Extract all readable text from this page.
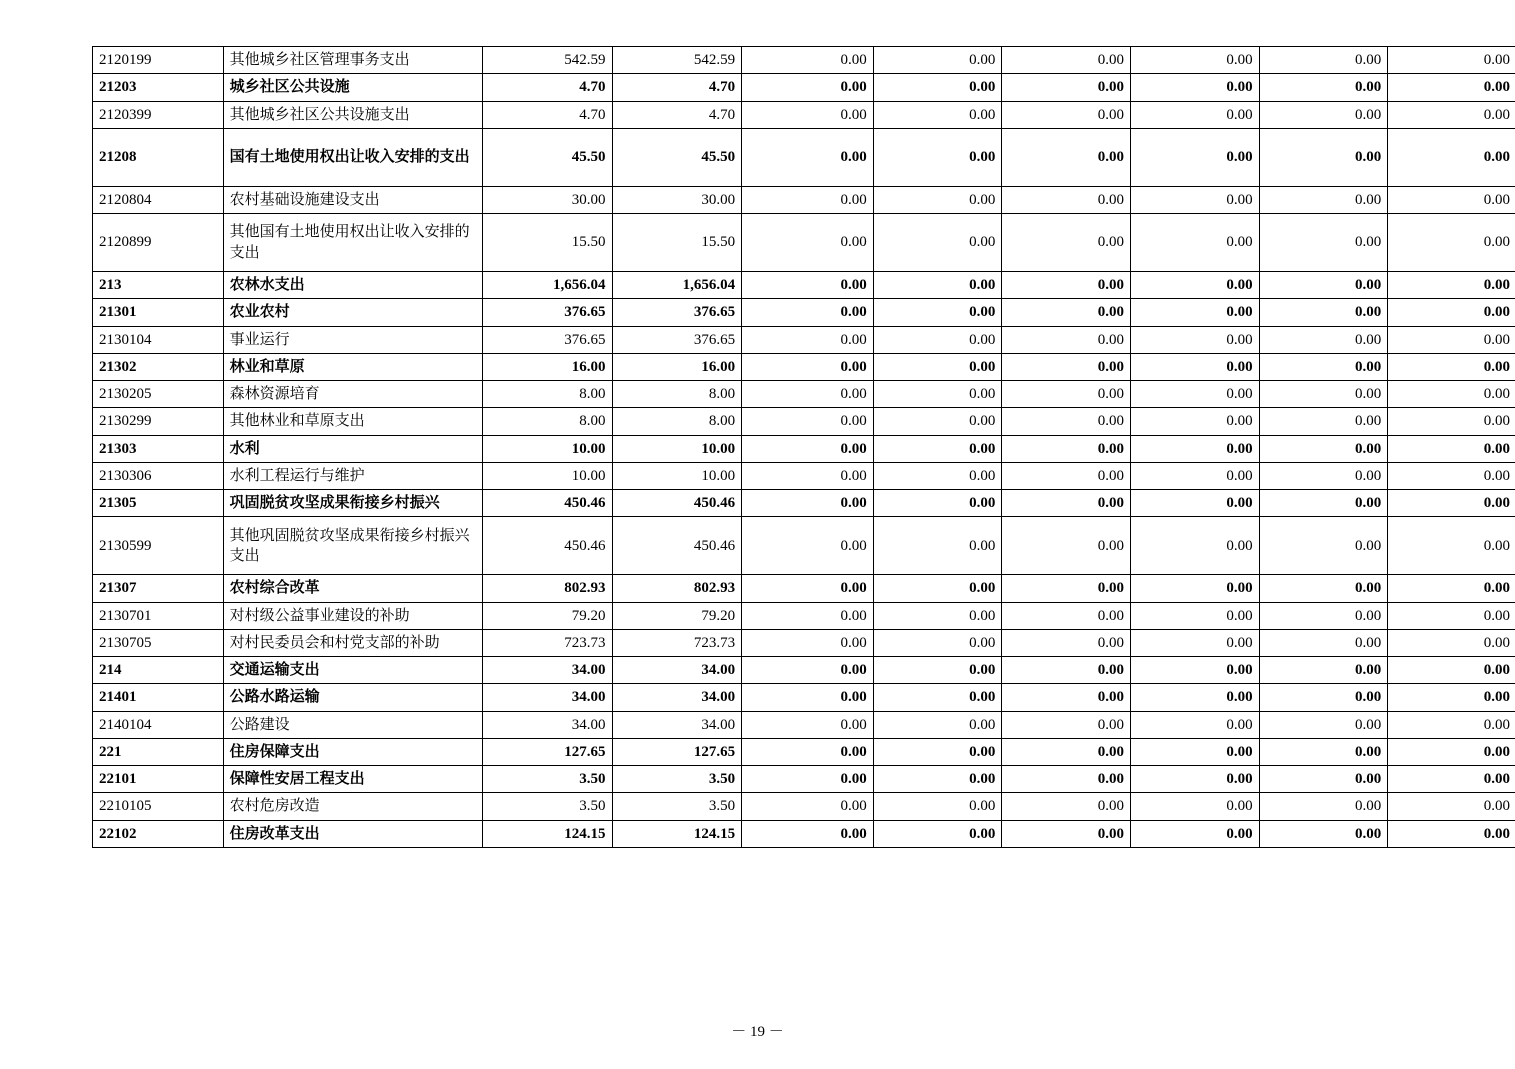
2120199	其他城乡社区管理事务支出	542.59	542.59	0.00	0.00	0.00	0.00	0.00	0.00
21203	城乡社区公共设施	4.70	4.70	0.00	0.00	0.00	0.00	0.00	0.00
2120399	其他城乡社区公共设施支出	4.70	4.70	0.00	0.00	0.00	0.00	0.00	0.00
21208	国有土地使用权出让收入安排的支出	45.50	45.50	0.00	0.00	0.00	0.00	0.00	0.00
2120804	农村基础设施建设支出	30.00	30.00	0.00	0.00	0.00	0.00	0.00	0.00
2120899	其他国有土地使用权出让收入安排的支出	15.50	15.50	0.00	0.00	0.00	0.00	0.00	0.00
213	农林水支出	1,656.04	1,656.04	0.00	0.00	0.00	0.00	0.00	0.00
21301	农业农村	376.65	376.65	0.00	0.00	0.00	0.00	0.00	0.00
2130104	事业运行	376.65	376.65	0.00	0.00	0.00	0.00	0.00	0.00
21302	林业和草原	16.00	16.00	0.00	0.00	0.00	0.00	0.00	0.00
2130205	森林资源培育	8.00	8.00	0.00	0.00	0.00	0.00	0.00	0.00
2130299	其他林业和草原支出	8.00	8.00	0.00	0.00	0.00	0.00	0.00	0.00
21303	水利	10.00	10.00	0.00	0.00	0.00	0.00	0.00	0.00
2130306	水利工程运行与维护	10.00	10.00	0.00	0.00	0.00	0.00	0.00	0.00
21305	巩固脱贫攻坚成果衔接乡村振兴	450.46	450.46	0.00	0.00	0.00	0.00	0.00	0.00
2130599	其他巩固脱贫攻坚成果衔接乡村振兴支出	450.46	450.46	0.00	0.00	0.00	0.00	0.00	0.00
21307	农村综合改革	802.93	802.93	0.00	0.00	0.00	0.00	0.00	0.00
2130701	对村级公益事业建设的补助	79.20	79.20	0.00	0.00	0.00	0.00	0.00	0.00
2130705	对村民委员会和村党支部的补助	723.73	723.73	0.00	0.00	0.00	0.00	0.00	0.00
214	交通运输支出	34.00	34.00	0.00	0.00	0.00	0.00	0.00	0.00
21401	公路水路运输	34.00	34.00	0.00	0.00	0.00	0.00	0.00	0.00
2140104	公路建设	34.00	34.00	0.00	0.00	0.00	0.00	0.00	0.00
221	住房保障支出	127.65	127.65	0.00	0.00	0.00	0.00	0.00	0.00
22101	保障性安居工程支出	3.50	3.50	0.00	0.00	0.00	0.00	0.00	0.00
2210105	农村危房改造	3.50	3.50	0.00	0.00	0.00	0.00	0.00	0.00
22102	住房改革支出	124.15	124.15	0.00	0.00	0.00	0.00	0.00	0.00
－ 19 －
